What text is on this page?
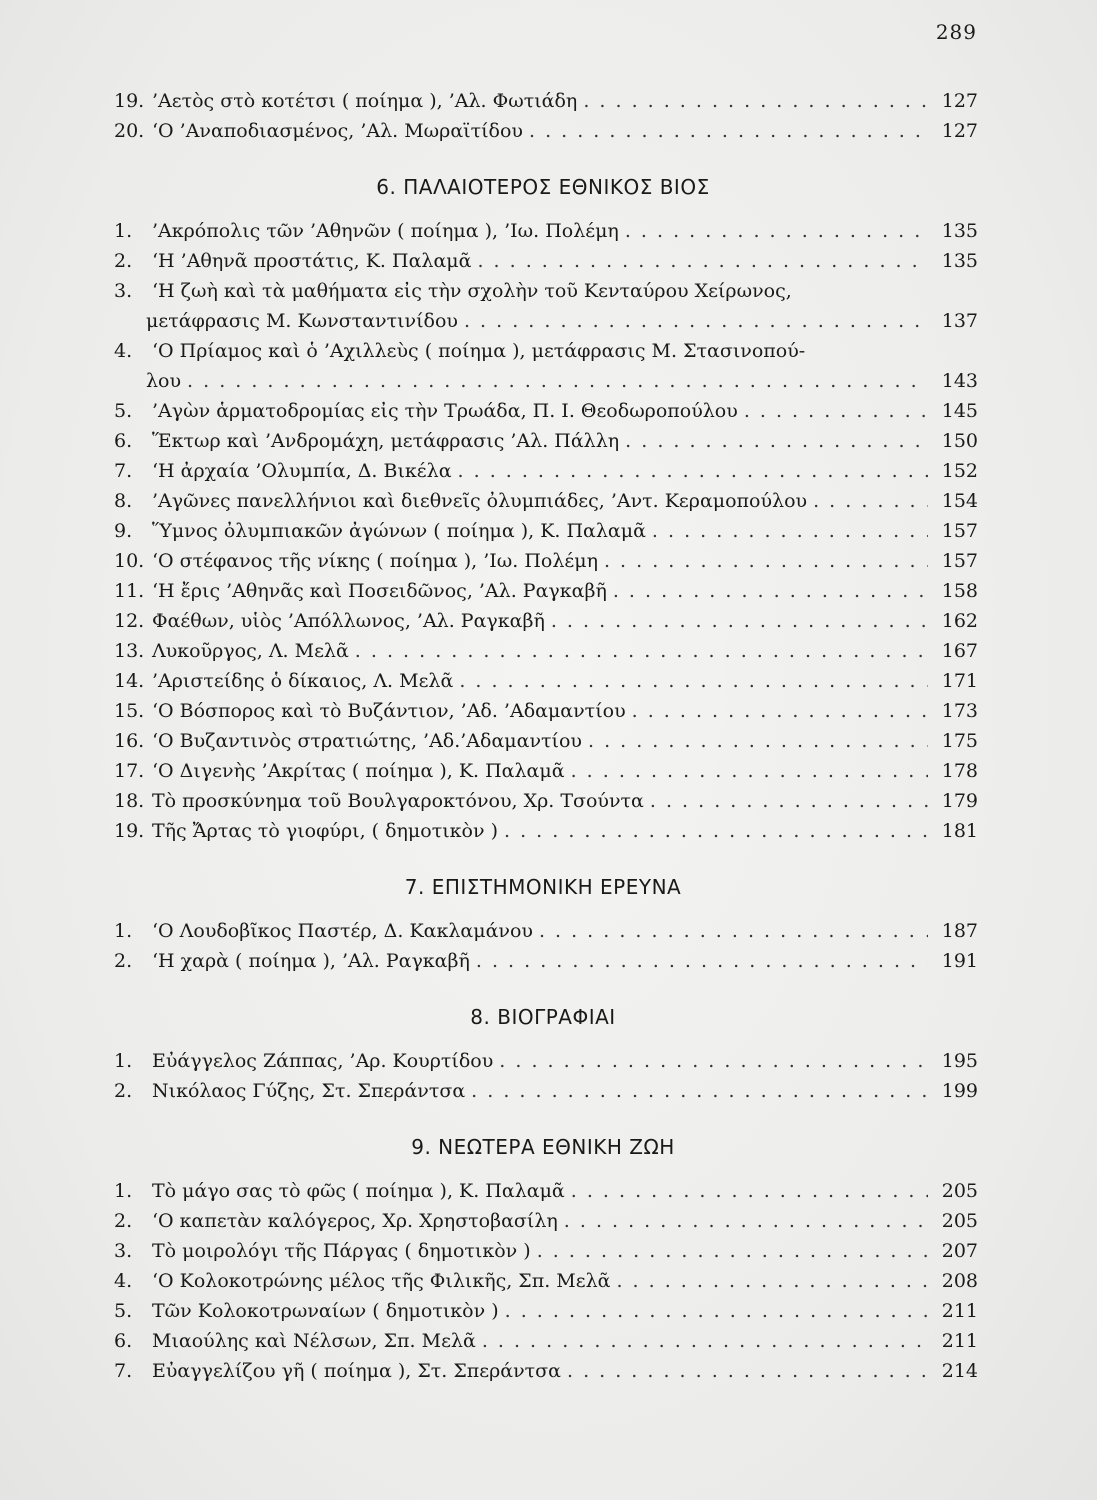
289
19. ’Αετὸς στὸ κοτέτσι ( ποίημα ), ’Αλ. Φωτιάδη . . .	127
20. ‘Ο ’Αναποδιασμένος, ’Αλ. Μωραϊτίδου . . .	127
6. ΠΑΛΑΙΟΤΕΡΟΣ ΕΘΝΙΚΟΣ ΒΙΟΣ
1.	’Ακρόπολις τῶν ’Αθηνῶν ( ποίημα ), ’Ιω. Πολέμη . . .	135
2.	‘Η ’Αθηνᾶ προστάτις, Κ. Παλαμᾶ . . .	135
3.	‘Η ζωὴ καὶ τὰ μαθήματα εἰς τὴν σχολὴν τοῦ Κενταύρου Χείρωνος,
μετάφρασις Μ. Κωνσταντινίδου . . .	137
4.	‘Ο Πρίαμος καὶ ὁ ’Αχιλλεὺς ( ποίημα ), μετάφρασις Μ. Στασινοπού-
λου . . .	143
5.	’Αγὼν ἁρματοδρομίας εἰς τὴν Τρωάδα, Π. Ι. Θεοδωροπούλου . . .	145
6.	Ἕκτωρ καὶ ’Ανδρομάχη, μετάφρασις ’Αλ. Πάλλη . . .	150
7.	‘Η ἀρχαία ’Ολυμπία, Δ. Βικέλα . . .	152
8.	’Αγῶνες πανελλήνιοι καὶ διεθνεῖς ὀλυμπιάδες, ’Αντ. Κεραμοπούλου . . .	154
9.	Ὕμνος ὀλυμπιακῶν ἀγώνων ( ποίημα ), Κ. Παλαμᾶ . . .	157
10. ‘Ο στέφανος τῆς νίκης ( ποίημα ), ’Ιω. Πολέμη . . .	157
11. ‘Η ἔρις ’Αθηνᾶς καὶ Ποσειδῶνος, ’Αλ. Ραγκαβῆ . . .	158
12. Φαέθων, υἱὸς ’Απόλλωνος, ’Αλ. Ραγκαβῆ . . .	162
13. Λυκοῦργος, Λ. Μελᾶ . . .	167
14. ’Αριστείδης ὁ δίκαιος, Λ. Μελᾶ . . .	171
15. ‘Ο Βόσπορος καὶ τὸ Βυζάντιον, ’Αδ. ’Αδαμαντίου . . .	173
16. ‘Ο Βυζαντινὸς στρατιώτης, ’Αδ.’Αδαμαντίου . . .	175
17. ‘Ο Διγενὴς ’Ακρίτας ( ποίημα ), Κ. Παλαμᾶ . . .	178
18. Τὸ προσκύνημα τοῦ Βουλγαροκτόνου, Χρ. Τσούντα . . .	179
19. Τῆς Ἄρτας τὸ γιοφύρι, ( δημοτικὸν ) . . .	181
7. ΕΠΙΣΤΗΜΟΝΙΚΗ ΕΡΕΥΝΑ
1.	‘Ο Λουδοβῖκος Παστέρ, Δ. Κακλαμάνου . . .	187
2.	‘Η χαρὰ ( ποίημα ), ’Αλ. Ραγκαβῆ . . .	191
8. ΒΙΟΓΡΑΦΙΑΙ
1.	Εὐάγγελος Ζάππας, ’Αρ. Κουρτίδου . . .	195
2.	Νικόλαος Γύζης, Στ. Σπεράντσα . . .	199
9. ΝΕΩΤΕΡΑ ΕΘΝΙΚΗ ΖΩΗ
1.	Τὸ μάγο σας τὸ φῶς ( ποίημα ), Κ. Παλαμᾶ . . .	205
2.	‘Ο καπετὰν καλόγερος, Χρ. Χρηστοβασίλη . . .	205
3.	Τὸ μοιρολόγι τῆς Πάργας ( δημοτικὸν ) . . .	207
4.	‘Ο Κολοκοτρώνης μέλος τῆς Φιλικῆς, Σπ. Μελᾶ . . .	208
5.	Τῶν Κολοκοτρωναίων ( δημοτικὸν ) . . .	211
6.	Μιαούλης καὶ Νέλσων, Σπ. Μελᾶ . . .	211
7.	Εὐαγγελίζου γῆ ( ποίημα ), Στ. Σπεράντσα . . .	214
